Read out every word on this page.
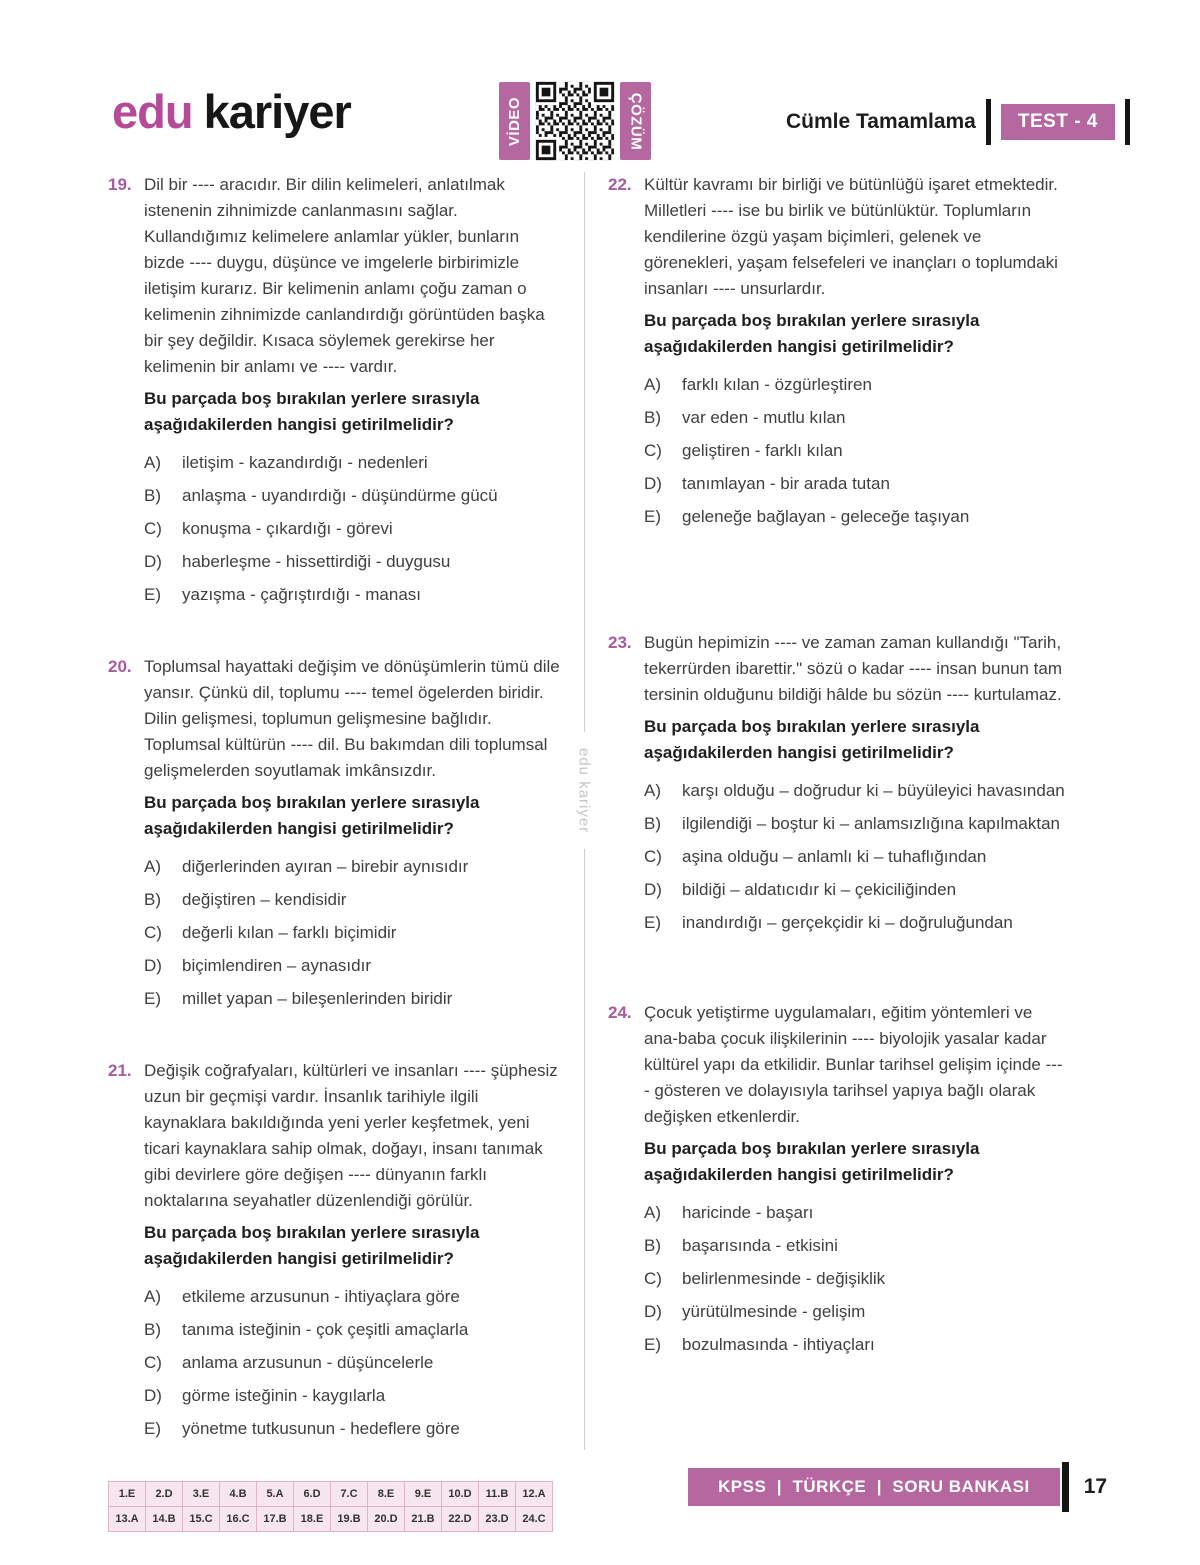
edu kariyer	VİDEO	ÇÖZÜM	Cümle Tamamlama	TEST - 4
19. Dil bir ---- aracıdır. Bir dilin kelimeleri, anlatılmak istenenin zihnimizde canlanmasını sağlar. Kullandığımız kelimelere anlamlar yükler, bunların bizde ---- duygu, düşünce ve imgelerle birbirimizle iletişim kurarız. Bir kelimenin anlamı çoğu zaman o kelimenin zihnimizde canlandırdığı görüntüden başka bir şey değildir. Kısaca söylemek gerekirse her kelimenin bir anlamı ve ---- vardır.

Bu parçada boş bırakılan yerlere sırasıyla aşağıdakilerden hangisi getirilmelidir?

A)	iletişim - kazandırdığı - nedenleri
B)	anlaşma - uyandırdığı - düşündürme gücü
C)	konuşma - çıkardığı - görevi
D)	haberleşme - hissettirdiği - duygusu
E)	yazışma - çağrıştırdığı - manası
20. Toplumsal hayattaki değişim ve dönüşümlerin tümü dile yansır. Çünkü dil, toplumu ---- temel ögelerden biridir. Dilin gelişmesi, toplumun gelişmesine bağlıdır. Toplumsal kültürün ---- dil. Bu bakımdan dili toplumsal gelişmelerden soyutlamak imkânsızdır.

Bu parçada boş bırakılan yerlere sırasıyla aşağıdakilerden hangisi getirilmelidir?

A)	diğerlerinden ayıran – birebir aynısıdır
B)	değiştiren – kendisidir
C)	değerli kılan – farklı biçimidir
D)	biçimlendiren – aynasıdır
E)	millet yapan – bileşenlerinden biridir
21. Değişik coğrafyaları, kültürleri ve insanları ---- şüphesiz uzun bir geçmişi vardır. İnsanlık tarihiyle ilgili kaynaklara bakıldığında yeni yerler keşfetmek, yeni ticari kaynaklara sahip olmak, doğayı, insanı tanımak gibi devirlere göre değişen ---- dünyanın farklı noktalarına seyahatler düzenlendiği görülür.

Bu parçada boş bırakılan yerlere sırasıyla aşağıdakilerden hangisi getirilmelidir?

A)	etkileme arzusunun - ihtiyaçlara göre
B)	tanıma isteğinin - çok çeşitli amaçlarla
C)	anlama arzusunun - düşüncelerle
D)	görme isteğinin - kaygılarla
E)	yönetme tutkusunun - hedeflere göre
edu kariyer
22. Kültür kavramı bir birliği ve bütünlüğü işaret etmektedir. Milletleri ---- ise bu birlik ve bütünlüktür. Toplumların kendilerine özgü yaşam biçimleri, gelenek ve görenekleri, yaşam felsefeleri ve inançları o toplumdaki insanları ---- unsurlardır.

Bu parçada boş bırakılan yerlere sırasıyla aşağıdakilerden hangisi getirilmelidir?

A)	farklı kılan - özgürleştiren
B)	var eden - mutlu kılan
C)	geliştiren - farklı kılan
D)	tanımlayan - bir arada tutan
E)	geleneğe bağlayan - geleceğe taşıyan
23. Bugün hepimizin ---- ve zaman zaman kullandığı "Tarih, tekerrürden ibarettir." sözü o kadar ---- insan bunun tam tersinin olduğunu bildiği hâlde bu sözün ---- kurtulamaz.

Bu parçada boş bırakılan yerlere sırasıyla aşağıdakilerden hangisi getirilmelidir?

A)	karşı olduğu – doğrudur ki – büyüleyici havasından
B)	ilgilendiği – boştur ki – anlamsızlığına kapılmaktan
C)	aşina olduğu – anlamlı ki – tuhaflığından
D)	bildiği – aldatıcıdır ki – çekiciliğinden
E)	inandırdığı – gerçekçidir ki – doğruluğundan
24. Çocuk yetiştirme uygulamaları, eğitim yöntemleri ve ana-baba çocuk ilişkilerinin ---- biyolojik yasalar kadar kültürel yapı da etkilidir. Bunlar tarihsel gelişim içinde ---- gösteren ve dolayısıyla tarihsel yapıya bağlı olarak değişken etkenlerdir.

Bu parçada boş bırakılan yerlere sırasıyla aşağıdakilerden hangisi getirilmelidir?

A)	haricinde - başarı
B)	başarısında - etkisini
C)	belirlenmesinde - değişiklik
D)	yürütülmesinde - gelişim
E)	bozulmasında - ihtiyaçları
1.E	2.D	3.E	4.B	5.A	6.D	7.C	8.E	9.E	10.D	11.B	12.A
13.A	14.B	15.C	16.C	17.B	18.E	19.B	20.D	21.B	22.D	23.D	24.C
KPSS  |  TÜRKÇE  |  SORU BANKASI	17
